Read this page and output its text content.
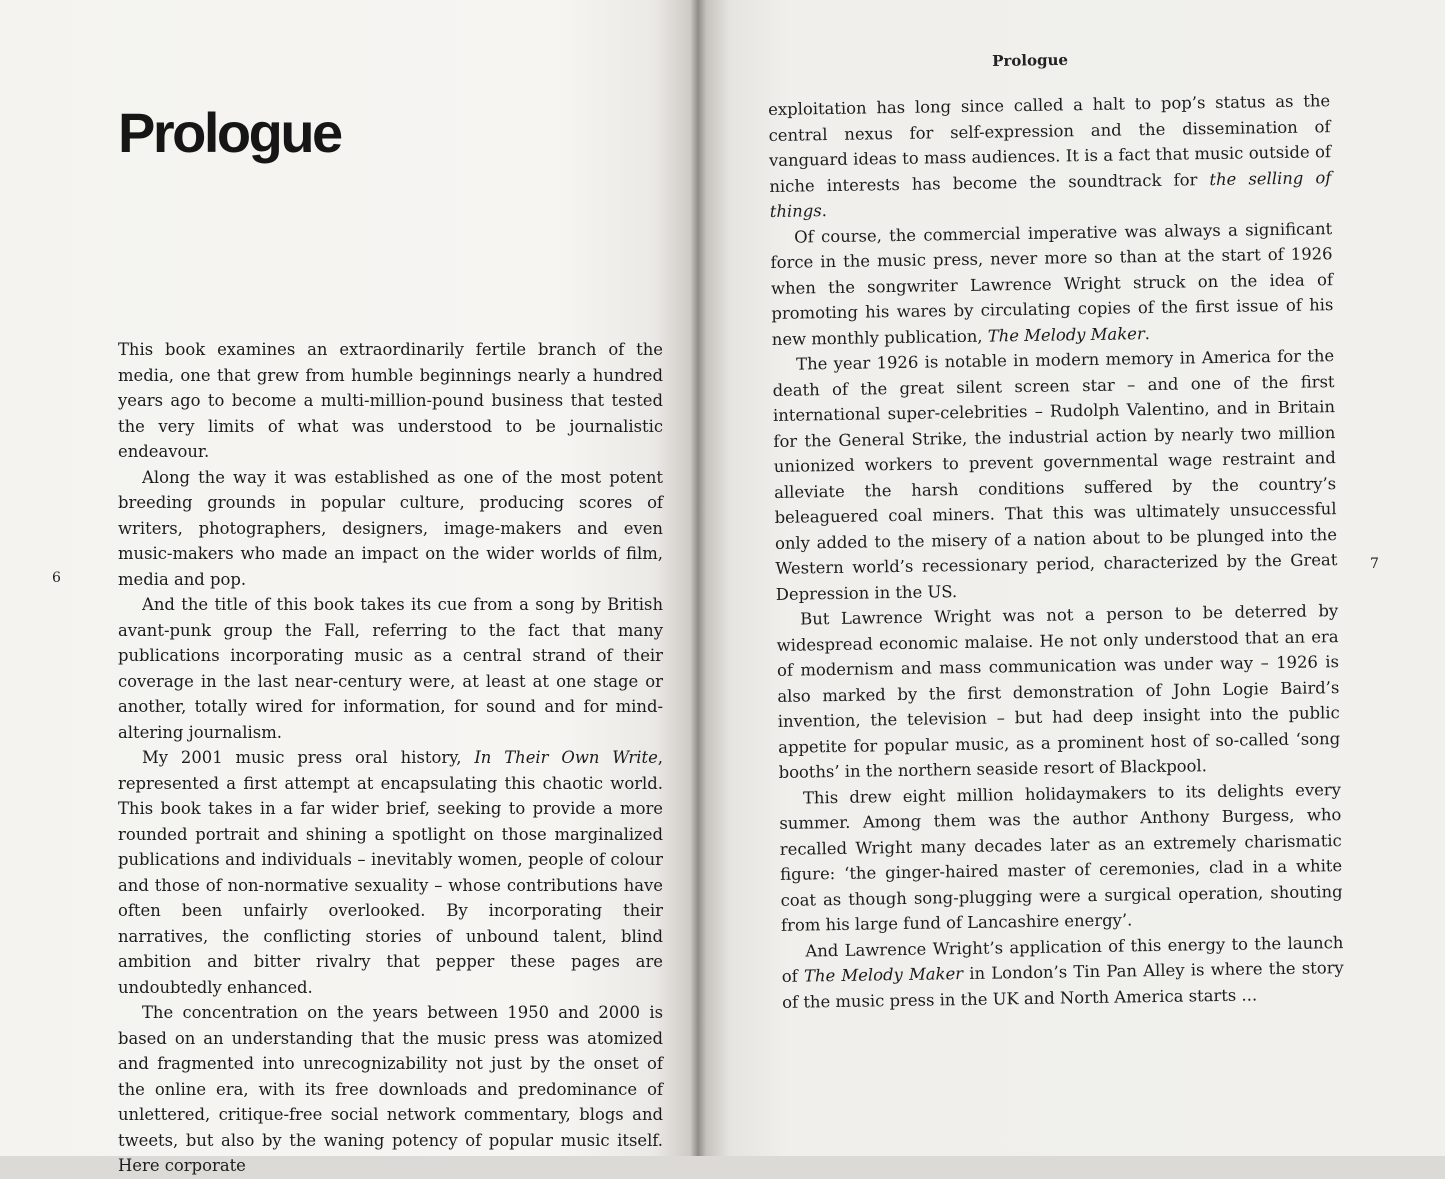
Prologue
6

This book examines an extraordinarily fertile branch of the media, one that grew from humble beginnings nearly a hundred years ago to become a multi-million-pound business that tested the very limits of what was understood to be journalistic endeavour.

Along the way it was established as one of the most potent breeding grounds in popular culture, producing scores of writers, photographers, designers, image-makers and even music-makers who made an impact on the wider worlds of film, media and pop.

And the title of this book takes its cue from a song by British avant-punk group the Fall, referring to the fact that many publications incorporating music as a central strand of their coverage in the last near-century were, at least at one stage or another, totally wired for information, for sound and for mind-altering journalism.

My 2001 music press oral history, In Their Own Write, represented a first attempt at encapsulating this chaotic world. This book takes in a far wider brief, seeking to provide a more rounded portrait and shining a spotlight on those marginalized publications and individuals – inevitably women, people of colour and those of non-normative sexuality – whose contributions have often been unfairly overlooked. By incorporating their narratives, the conflicting stories of unbound talent, blind ambition and bitter rivalry that pepper these pages are undoubtedly enhanced.

The concentration on the years between 1950 and 2000 is based on an understanding that the music press was atomized and fragmented into unrecognizability not just by the onset of the online era, with its free downloads and predominance of unlettered, critique-free social network commentary, blogs and tweets, but also by the waning potency of popular music itself. Here corporate

Prologue
7

exploitation has long since called a halt to pop’s status as the central nexus for self-expression and the dissemination of vanguard ideas to mass audiences. It is a fact that music outside of niche interests has become the soundtrack for the selling of things.

Of course, the commercial imperative was always a significant force in the music press, never more so than at the start of 1926 when the songwriter Lawrence Wright struck on the idea of promoting his wares by circulating copies of the first issue of his new monthly publication, The Melody Maker.

The year 1926 is notable in modern memory in America for the death of the great silent screen star – and one of the first international super-celebrities – Rudolph Valentino, and in Britain for the General Strike, the industrial action by nearly two million unionized workers to prevent governmental wage restraint and alleviate the harsh conditions suffered by the country’s beleaguered coal miners. That this was ultimately unsuccessful only added to the misery of a nation about to be plunged into the Western world’s recessionary period, characterized by the Great Depression in the US.

But Lawrence Wright was not a person to be deterred by widespread economic malaise. He not only understood that an era of modernism and mass communication was under way – 1926 is also marked by the first demonstration of John Logie Baird’s invention, the television – but had deep insight into the public appetite for popular music, as a prominent host of so-called ‘song booths’ in the northern seaside resort of Blackpool.

This drew eight million holidaymakers to its delights every summer. Among them was the author Anthony Burgess, who recalled Wright many decades later as an extremely charismatic figure: ‘the ginger-haired master of ceremonies, clad in a white coat as though song-plugging were a surgical operation, shouting from his large fund of Lancashire energy’.

And Lawrence Wright’s application of this energy to the launch of The Melody Maker in London’s Tin Pan Alley is where the story of the music press in the UK and North America starts ...
